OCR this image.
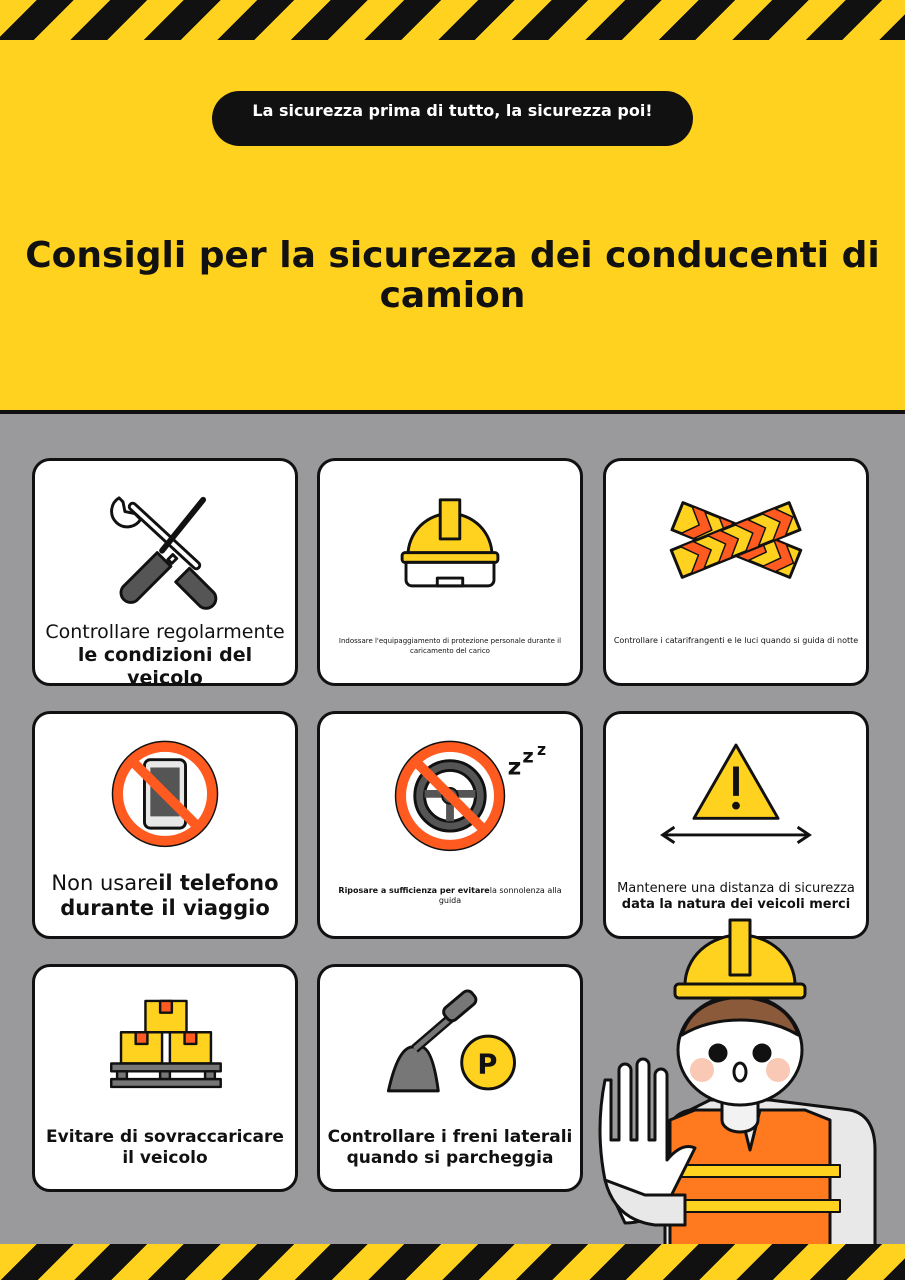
La sicurezza prima di tutto, la sicurezza poi!
Consigli per la sicurezza dei conducenti di camion
Controllare regolarmente
le condizioni del veicolo
Indossare l'equipaggiamento di protezione personale durante il caricamento del carico
Controllare i catarifrangenti e le luci quando si guida di notte
Non usareil telefono durante il viaggio
z z z
Riposare a sufficienza per evitarela sonnolenza alla guida
Mantenere una distanza di sicurezza
data la natura dei veicoli merci
Evitare di sovraccaricare il veicolo
P
Controllare i freni laterali quando si parcheggia
